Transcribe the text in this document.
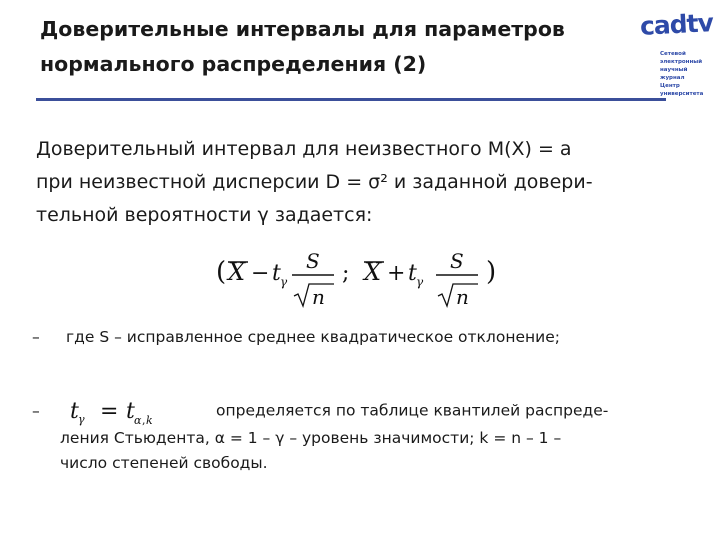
Доверительные интервалы для параметров
нормального распределения (2)
cadtv
Сетевой
электронный
научный
журнал
Центр
университета
Доверительный интервал для неизвестного M(X) = a
при неизвестной дисперсии D = σ² и заданной довери-
тельной вероятности γ задается:
( X − t γ
S
n
; X + t γ
S
n
)
– где S – исправленное среднее квадратическое отклонение;
– t γ = t α , k
определяется по таблице квантилей распреде-
ления Стьюдента, α = 1 – γ – уровень значимости; k = n – 1 –
число степеней свободы.
